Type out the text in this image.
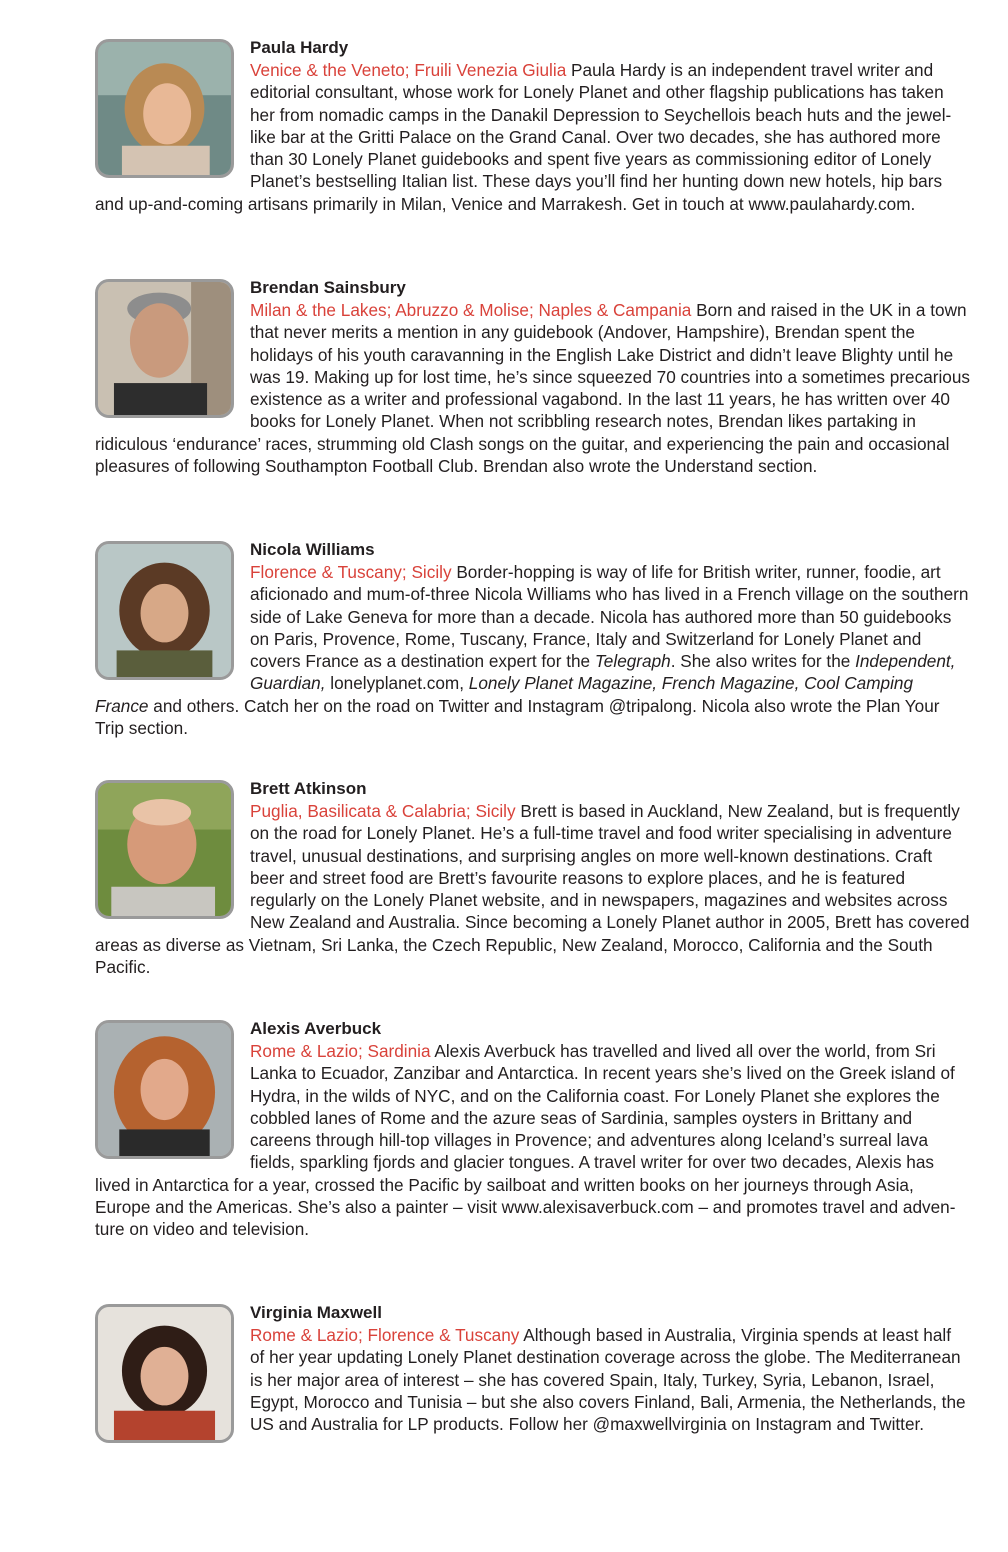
Paula Hardy

Venice & the Veneto; Fruili Venezia Giulia Paula Hardy is an independent travel writer and editorial consultant, whose work for Lonely Planet and other flagship publications has taken her from nomadic camps in the Danakil Depression to Seychellois beach huts and the jewel-like bar at the Gritti Palace on the Grand Canal. Over two decades, she has authored more than 30 Lonely Planet guidebooks and spent five years as commissioning editor of Lonely Planet’s bestselling Italian list. These days you’ll find her hunting down new hotels, hip bars and up-and-coming artisans primarily in Milan, Venice and Marrakesh. Get in touch at www.paulahardy.com.

Brendan Sainsbury

Milan & the Lakes; Abruzzo & Molise; Naples & Campania Born and raised in the UK in a town that never merits a mention in any guidebook (Andover, Hampshire), Brendan spent the holidays of his youth caravanning in the English Lake District and didn’t leave Blighty until he was 19. Making up for lost time, he’s since squeezed 70 countries into a sometimes precarious existence as a writer and professional vagabond. In the last 11 years, he has written over 40 books for Lonely Planet. When not scribbling research notes, Brendan likes partaking in ridiculous ‘endurance’ races, strumming old Clash songs on the guitar, and experiencing the pain and occasional pleasures of following Southampton Football Club. Brendan also wrote the Understand section.

Nicola Williams

Florence & Tuscany; Sicily Border-hopping is way of life for British writer, runner, foodie, art aficionado and mum-of-three Nicola Williams who has lived in a French village on the southern side of Lake Geneva for more than a decade. Nicola has authored more than 50 guidebooks on Paris, Provence, Rome, Tuscany, France, Italy and Switzerland for Lonely Planet and covers France as a destination expert for the Telegraph. She also writes for the Independent, Guardian, lonelyplanet.com, Lonely Planet Magazine, French Magazine, Cool Camping France and others. Catch her on the road on Twitter and Instagram @tripalong. Nicola also wrote the Plan Your Trip section.

Brett Atkinson

Puglia, Basilicata & Calabria; Sicily Brett is based in Auckland, New Zealand, but is frequently on the road for Lonely Planet. He’s a full-time travel and food writer specialising in adventure travel, unusual destinations, and surprising angles on more well-known destinations. Craft beer and street food are Brett’s favourite reasons to explore places, and he is featured regularly on the Lonely Planet website, and in newspapers, magazines and websites across New Zealand and Australia. Since becoming a Lonely Planet author in 2005, Brett has covered areas as diverse as Vietnam, Sri Lanka, the Czech Republic, New Zealand, Morocco, California and the South Pacific.

Alexis Averbuck

Rome & Lazio; Sardinia Alexis Averbuck has travelled and lived all over the world, from Sri Lanka to Ecuador, Zanzibar and Antarctica. In recent years she’s lived on the Greek island of Hydra, in the wilds of NYC, and on the California coast. For Lonely Planet she explores the cobbled lanes of Rome and the azure seas of Sardinia, samples oysters in Brittany and careens through hill-top villages in Provence; and adventures along Iceland’s surreal lava fields, sparkling fjords and glacier tongues. A travel writer for over two decades, Alexis has lived in Antarctica for a year, crossed the Pacific by sailboat and written books on her journeys through Asia, Europe and the Americas. She’s also a painter – visit www.alexisaverbuck.com – and promotes travel and adventure on video and television.

Virginia Maxwell

Rome & Lazio; Florence & Tuscany Although based in Australia, Virginia spends at least half of her year updating Lonely Planet destination coverage across the globe. The Mediterranean is her major area of interest – she has covered Spain, Italy, Turkey, Syria, Lebanon, Israel, Egypt, Morocco and Tunisia – but she also covers Finland, Bali, Armenia, the Netherlands, the US and Australia for LP products. Follow her @maxwellvirginia on Instagram and Twitter.
